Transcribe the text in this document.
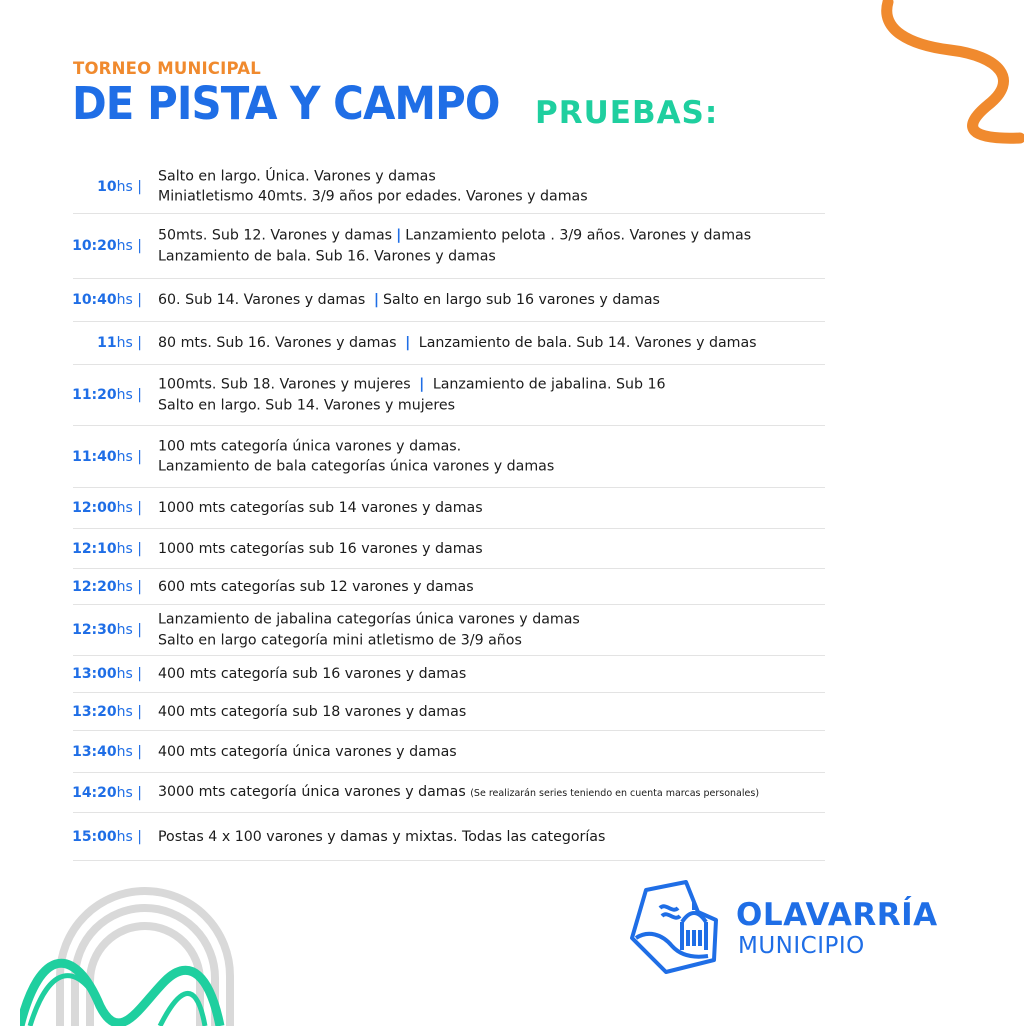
TORNEO MUNICIPAL
DE PISTA Y CAMPO PRUEBAS:
10hs |
Salto en largo. Única. Varones y damas
Miniatletismo 40mts. 3/9 años por edades. Varones y damas
10:20hs |
50mts. Sub 12. Varones y damas | Lanzamiento pelota . 3/9 años. Varones y damas
Lanzamiento de bala. Sub 16. Varones y damas
10:40hs | 60. Sub 14. Varones y damas | Salto en largo sub 16 varones y damas
11hs | 80 mts. Sub 16. Varones y damas | Lanzamiento de bala. Sub 14. Varones y damas
11:20hs |
100mts. Sub 18. Varones y mujeres | Lanzamiento de jabalina. Sub 16
Salto en largo. Sub 14. Varones y mujeres
11:40hs |
100 mts categoría única varones y damas.
Lanzamiento de bala categorías única varones y damas
12:00hs | 1000 mts categorías sub 14 varones y damas
12:10hs | 1000 mts categorías sub 16 varones y damas
12:20hs | 600 mts categorías sub 12 varones y damas
12:30hs |
Lanzamiento de jabalina categorías única varones y damas
Salto en largo categoría mini atletismo de 3/9 años
13:00hs | 400 mts categoría sub 16 varones y damas
13:20hs | 400 mts categoría sub 18 varones y damas
13:40hs | 400 mts categoría única varones y damas
14:20hs | 3000 mts categoría única varones y damas (Se realizarán series teniendo en cuenta marcas personales)
15:00hs | Postas 4 x 100 varones y damas y mixtas. Todas las categorías
OLAVARRÍA
MUNICIPIO
